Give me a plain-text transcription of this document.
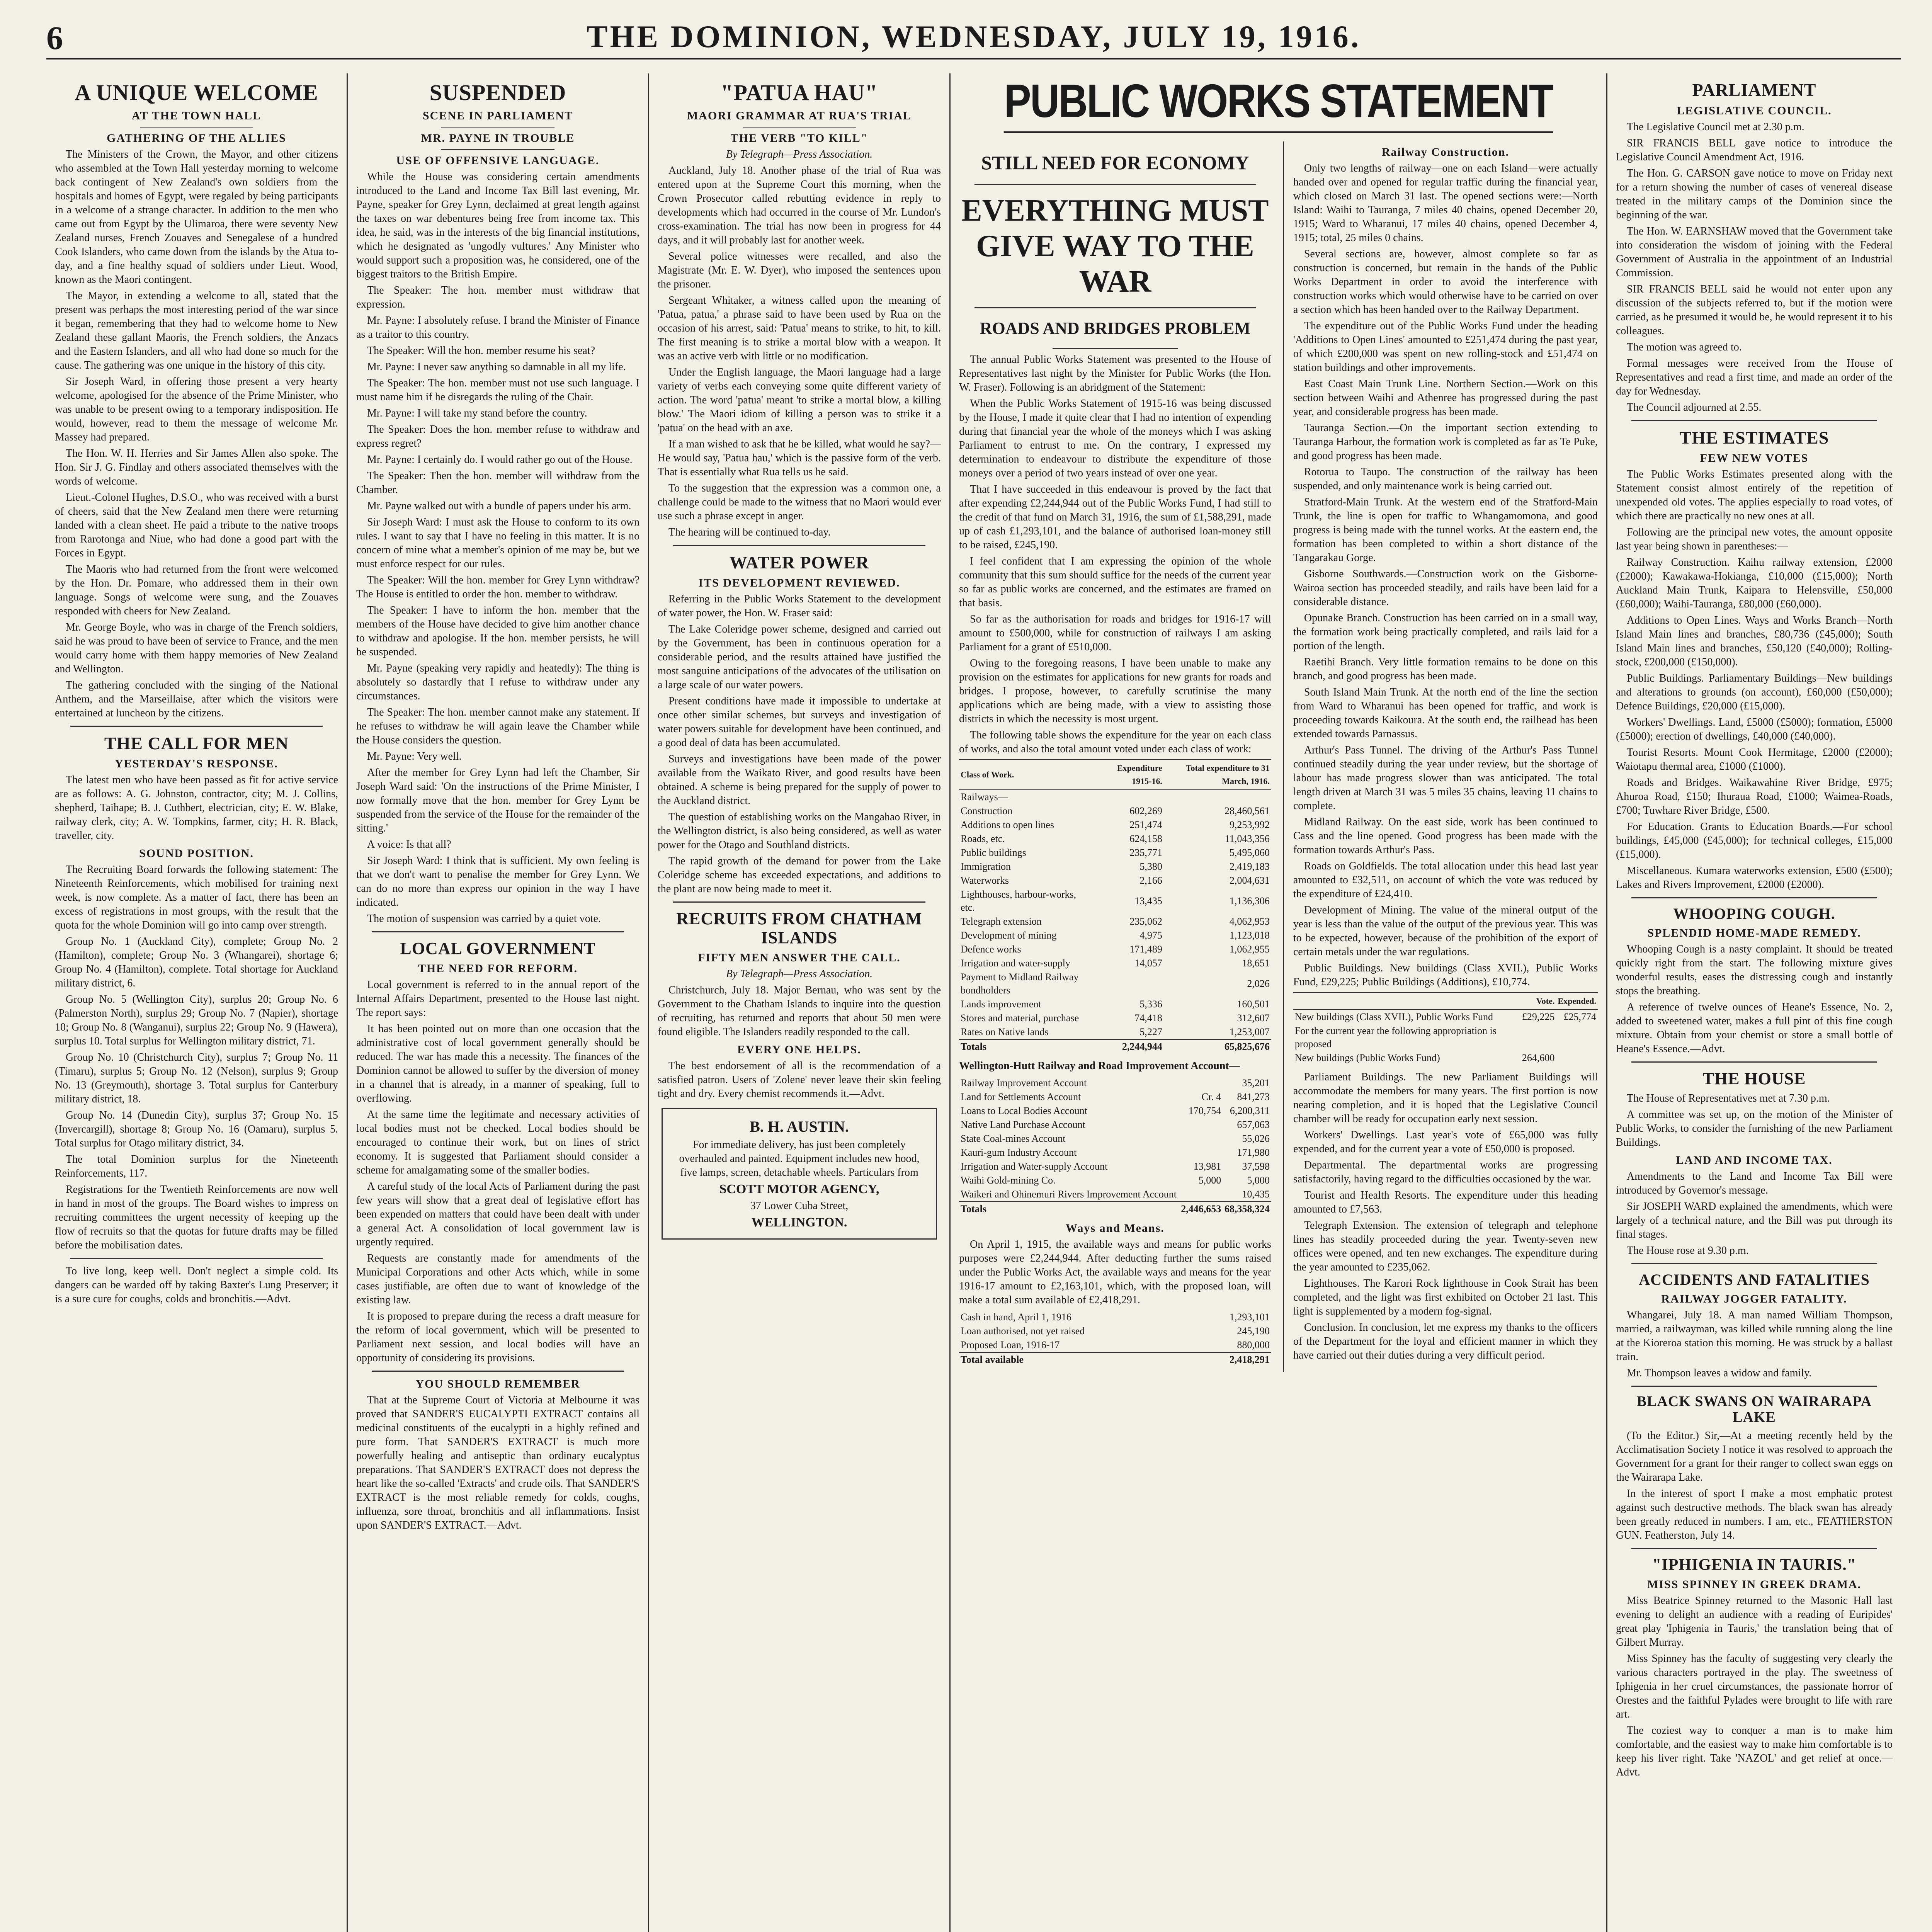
6	THE DOMINION, WEDNESDAY, JULY 19, 1916.
A UNIQUE WELCOME
AT THE TOWN HALL
GATHERING OF THE ALLIES

The Ministers of the Crown, the Mayor, and other citizens who assembled at the Town Hall yesterday morning to welcome back contingent of New Zealand's own soldiers from the hospitals and homes of Egypt, were regaled by being participants in a welcome of a strange character. In addition to the men who came out from Egypt by the Ulimaroa, there were seventy New Zealand nurses, French Zouaves and Senegalese of a hundred Cook Islanders, who came down from the islands by the Atua to-day, and a fine healthy squad of soldiers under Lieut. Wood, known as the Maori contingent.

The Mayor, in extending a welcome to all, stated that the present was perhaps the most interesting period of the war since it began, remembering that they had to welcome home to New Zealand these gallant Maoris, the French soldiers, the Anzacs and the Eastern Islanders, and all who had done so much for the cause. The gathering was one unique in the history of this city.

Sir Joseph Ward, in offering those present a very hearty welcome, apologised for the absence of the Prime Minister, who was unable to be present owing to a temporary indisposition. He would, however, read to them the message of welcome Mr. Massey had prepared.

The Hon. W. H. Herries and Sir James Allen also spoke. The Hon. Sir J. G. Findlay and others associated themselves with the words of welcome.

Lieut.-Colonel Hughes, D.S.O., who was received with a burst of cheers, said that the New Zealand men there were returning landed with a clean sheet. He paid a tribute to the native troops from Rarotonga and Niue, who had done a good part with the Forces in Egypt.

The Maoris who had returned from the front were welcomed by the Hon. Dr. Pomare, who addressed them in their own language. Songs of welcome were sung, and the Zouaves responded with cheers for New Zealand.

Mr. George Boyle, who was in charge of the French soldiers, said he was proud to have been of service to France, and the men would carry home with them happy memories of New Zealand and Wellington.

The gathering concluded with the singing of the National Anthem, and the Marseillaise, after which the visitors were entertained at luncheon by the citizens.

THE CALL FOR MEN
YESTERDAY'S RESPONSE.

The latest men who have been passed as fit for active service are as follows: A. G. Johnston, contractor, city; M. J. Collins, shepherd, Taihape; B. J. Cuthbert, electrician, city; E. W. Blake, railway clerk, city; A. W. Tompkins, farmer, city; H. R. Black, traveller, city.

SOUND POSITION.

The Recruiting Board forwards the following statement: The Nineteenth Reinforcements, which mobilised for training next week, is now complete. As a matter of fact, there has been an excess of registrations in most groups, with the result that the quota for the whole Dominion will go into camp over strength.

Group No. 1 (Auckland City), complete; Group No. 2 (Hamilton), complete; Group No. 3 (Whangarei), shortage 6; Group No. 4 (Hamilton), complete. Total shortage for Auckland military district, 6.

Group No. 5 (Wellington City), surplus 20; Group No. 6 (Palmerston North), surplus 29; Group No. 7 (Napier), shortage 10; Group No. 8 (Wanganui), surplus 22; Group No. 9 (Hawera), surplus 10. Total surplus for Wellington military district, 71.

Group No. 10 (Christchurch City), surplus 7; Group No. 11 (Timaru), surplus 5; Group No. 12 (Nelson), surplus 9; Group No. 13 (Greymouth), shortage 3. Total surplus for Canterbury military district, 18.

Group No. 14 (Dunedin City), surplus 37; Group No. 15 (Invercargill), shortage 8; Group No. 16 (Oamaru), surplus 5. Total surplus for Otago military district, 34.

The total Dominion surplus for the Nineteenth Reinforcements, 117.

Registrations for the Twentieth Reinforcements are now well in hand in most of the groups. The Board wishes to impress on recruiting committees the urgent necessity of keeping up the flow of recruits so that the quotas for future drafts may be filled before the mobilisation dates.

To live long, keep well. Don't neglect a simple cold. Its dangers can be warded off by taking Baxter's Lung Preserver; it is a sure cure for coughs, colds and bronchitis.—Advt.

SUSPENDED
SCENE IN PARLIAMENT
MR. PAYNE IN TROUBLE
USE OF OFFENSIVE LANGUAGE.

While the House was considering certain amendments introduced to the Land and Income Tax Bill last evening, Mr. Payne, speaker for Grey Lynn, declaimed at great length against the taxes on war debentures being free from income tax. This idea, he said, was in the interests of the big financial institutions, which he designated as 'ungodly vultures.' Any Minister who would support such a proposition was, he considered, one of the biggest traitors to the British Empire.

The Speaker: The hon. member must withdraw that expression.

Mr. Payne: I absolutely refuse. I brand the Minister of Finance as a traitor to this country.

The Speaker: Will the hon. member resume his seat?

Mr. Payne: I never saw anything so damnable in all my life.

The Speaker: The hon. member must not use such language. I must name him if he disregards the ruling of the Chair.

Mr. Payne: I will take my stand before the country.

The Speaker: Does the hon. member refuse to withdraw and express regret?

Mr. Payne: I certainly do. I would rather go out of the House.

The Speaker: Then the hon. member will withdraw from the Chamber.

Mr. Payne walked out with a bundle of papers under his arm.

Sir Joseph Ward: I must ask the House to conform to its own rules. I want to say that I have no feeling in this matter. It is no concern of mine what a member's opinion of me may be, but we must enforce respect for our rules.

The Speaker: Will the hon. member for Grey Lynn withdraw? The House is entitled to order the hon. member to withdraw.

The Speaker: I have to inform the hon. member that the members of the House have decided to give him another chance to withdraw and apologise. If the hon. member persists, he will be suspended.

Mr. Payne (speaking very rapidly and heatedly): The thing is absolutely so dastardly that I refuse to withdraw under any circumstances.

The Speaker: The hon. member cannot make any statement. If he refuses to withdraw he will again leave the Chamber while the House considers the question.

Mr. Payne: Very well.

After the member for Grey Lynn had left the Chamber, Sir Joseph Ward said: 'On the instructions of the Prime Minister, I now formally move that the hon. member for Grey Lynn be suspended from the service of the House for the remainder of the sitting.'

A voice: Is that all?

Sir Joseph Ward: I think that is sufficient. My own feeling is that we don't want to penalise the member for Grey Lynn. We can do no more than express our opinion in the way I have indicated.

The motion of suspension was carried by a quiet vote.

LOCAL GOVERNMENT
THE NEED FOR REFORM.

Local government is referred to in the annual report of the Internal Affairs Department, presented to the House last night. The report says:

It has been pointed out on more than one occasion that the administrative cost of local government generally should be reduced. The war has made this a necessity. The finances of the Dominion cannot be allowed to suffer by the diversion of money in a channel that is already, in a manner of speaking, full to overflowing.

At the same time the legitimate and necessary activities of local bodies must not be checked. Local bodies should be encouraged to continue their work, but on lines of strict economy. It is suggested that Parliament should consider a scheme for amalgamating some of the smaller bodies.

A careful study of the local Acts of Parliament during the past few years will show that a great deal of legislative effort has been expended on matters that could have been dealt with under a general Act. A consolidation of local government law is urgently required.

Requests are constantly made for amendments of the Municipal Corporations and other Acts which, while in some cases justifiable, are often due to want of knowledge of the existing law.

It is proposed to prepare during the recess a draft measure for the reform of local government, which will be presented to Parliament next session, and local bodies will have an opportunity of considering its provisions.

YOU SHOULD REMEMBER

That at the Supreme Court of Victoria at Melbourne it was proved that SANDER'S EUCALYPTI EXTRACT contains all medicinal constituents of the eucalypti in a highly refined and pure form. That SANDER'S EXTRACT is much more powerfully healing and antiseptic than ordinary eucalyptus preparations. That SANDER'S EXTRACT does not depress the heart like the so-called 'Extracts' and crude oils. That SANDER'S EXTRACT is the most reliable remedy for colds, coughs, influenza, sore throat, bronchitis and all inflammations. Insist upon SANDER'S EXTRACT.—Advt.

"PATUA HAU"
MAORI GRAMMAR AT RUA'S TRIAL
THE VERB "TO KILL"

By Telegraph—Press Association.

Auckland, July 18. Another phase of the trial of Rua was entered upon at the Supreme Court this morning, when the Crown Prosecutor called rebutting evidence in reply to developments which had occurred in the course of Mr. Lundon's cross-examination. The trial has now been in progress for 44 days, and it will probably last for another week.

Several police witnesses were recalled, and also the Magistrate (Mr. E. W. Dyer), who imposed the sentences upon the prisoner.

Sergeant Whitaker, a witness called upon the meaning of 'Patua, patua,' a phrase said to have been used by Rua on the occasion of his arrest, said: 'Patua' means to strike, to hit, to kill. The first meaning is to strike a mortal blow with a weapon. It was an active verb with little or no modification.

Under the English language, the Maori language had a large variety of verbs each conveying some quite different variety of action. The word 'patua' meant 'to strike a mortal blow, a killing blow.' The Maori idiom of killing a person was to strike it a 'patua' on the head with an axe.

If a man wished to ask that he be killed, what would he say?—He would say, 'Patua hau,' which is the passive form of the verb. That is essentially what Rua tells us he said.

To the suggestion that the expression was a common one, a challenge could be made to the witness that no Maori would ever use such a phrase except in anger.

The hearing will be continued to-day.

WATER POWER
ITS DEVELOPMENT REVIEWED.

Referring in the Public Works Statement to the development of water power, the Hon. W. Fraser said:

The Lake Coleridge power scheme, designed and carried out by the Government, has been in continuous operation for a considerable period, and the results attained have justified the most sanguine anticipations of the advocates of the utilisation on a large scale of our water powers.

Present conditions have made it impossible to undertake at once other similar schemes, but surveys and investigation of water powers suitable for development have been continued, and a good deal of data has been accumulated.

Surveys and investigations have been made of the power available from the Waikato River, and good results have been obtained. A scheme is being prepared for the supply of power to the Auckland district.

The question of establishing works on the Mangahao River, in the Wellington district, is also being considered, as well as water power for the Otago and Southland districts.

The rapid growth of the demand for power from the Lake Coleridge scheme has exceeded expectations, and additions to the plant are now being made to meet it.

RECRUITS FROM CHATHAM ISLANDS
FIFTY MEN ANSWER THE CALL.

By Telegraph—Press Association.

Christchurch, July 18. Major Bernau, who was sent by the Government to the Chatham Islands to inquire into the question of recruiting, has returned and reports that about 50 men were found eligible. The Islanders readily responded to the call.

EVERY ONE HELPS.

The best endorsement of all is the recommendation of a satisfied patron. Users of 'Zolene' never leave their skin feeling tight and dry. Every chemist recommends it.—Advt.

B. H. AUSTIN.
For immediate delivery, has just been completely overhauled and painted. Equipment includes new hood, five lamps, screen, detachable wheels. Particulars from
SCOTT MOTOR AGENCY,
37 Lower Cuba Street,
WELLINGTON.
PUBLIC WORKS STATEMENT
STILL NEED FOR ECONOMY
EVERYTHING MUST GIVE WAY TO THE WAR
ROADS AND BRIDGES PROBLEM

The annual Public Works Statement was presented to the House of Representatives last night by the Minister for Public Works (the Hon. W. Fraser). Following is an abridgment of the Statement:

When the Public Works Statement of 1915-16 was being discussed by the House, I made it quite clear that I had no intention of expending during that financial year the whole of the moneys which I was asking Parliament to entrust to me. On the contrary, I expressed my determination to endeavour to distribute the expenditure of those moneys over a period of two years instead of over one year.

That I have succeeded in this endeavour is proved by the fact that after expending £2,244,944 out of the Public Works Fund, I had still to the credit of that fund on March 31, 1916, the sum of £1,588,291, made up of cash £1,293,101, and the balance of authorised loan-money still to be raised, £245,190.

I feel confident that I am expressing the opinion of the whole community that this sum should suffice for the needs of the current year so far as public works are concerned, and the estimates are framed on that basis.

So far as the authorisation for roads and bridges for 1916-17 will amount to £500,000, while for construction of railways I am asking Parliament for a grant of £510,000.

Owing to the foregoing reasons, I have been unable to make any provision on the estimates for applications for new grants for roads and bridges. I propose, however, to carefully scrutinise the many applications which are being made, with a view to assisting those districts in which the necessity is most urgent.

The following table shows the expenditure for the year on each class of works, and also the total amount voted under each class of work:

Class of Work.	Expenditure 1915-16.	Total expenditure to 31 March, 1916.
Railways—		
Construction	602,269	28,460,561
Additions to open lines	251,474	9,253,992
Roads, etc.	624,158	11,043,356
Public buildings	235,771	5,495,060
Immigration	5,380	2,419,183
Waterworks	2,166	2,004,631
Lighthouses, harbour-works, etc.	13,435	1,136,306
Telegraph extension	235,062	4,062,953
Development of mining	4,975	1,123,018
Defence works	171,489	1,062,955
Irrigation and water-supply	14,057	18,651
Payment to Midland Railway bondholders		2,026
Lands improvement	5,336	160,501
Stores and material, purchase	74,418	312,607
Rates on Native lands	5,227	1,253,007
Totals	2,244,944	65,825,676

Wellington-Hutt Railway and Road Improvement Account—

Railway Improvement Account		35,201
Land for Settlements Account	Cr. 4	841,273
Loans to Local Bodies Account	170,754	6,200,311
Native Land Purchase Account		657,063
State Coal-mines Account		55,026
Kauri-gum Industry Account		171,980
Irrigation and Water-supply Account	13,981	37,598
Waihi Gold-mining Co.	5,000	5,000
Waikeri and Ohinemuri Rivers Improvement Account		10,435
Totals	2,446,653	68,358,324
Ways and Means.

On April 1, 1915, the available ways and means for public works purposes were £2,244,944. After deducting further the sums raised under the Public Works Act, the available ways and means for the year 1916-17 amount to £2,163,101, which, with the proposed loan, will make a total sum available of £2,418,291.

Cash in hand, April 1, 1916		1,293,101
Loan authorised, not yet raised		245,190
Proposed Loan, 1916-17		880,000
Total available		2,418,291
Railway Construction.

Only two lengths of railway—one on each Island—were actually handed over and opened for regular traffic during the financial year, which closed on March 31 last. The opened sections were:—North Island: Waihi to Tauranga, 7 miles 40 chains, opened December 20, 1915; Ward to Wharanui, 17 miles 40 chains, opened December 4, 1915; total, 25 miles 0 chains.

Several sections are, however, almost complete so far as construction is concerned, but remain in the hands of the Public Works Department in order to avoid the interference with construction works which would otherwise have to be carried on over a section which has been handed over to the Railway Department.

The expenditure out of the Public Works Fund under the heading 'Additions to Open Lines' amounted to £251,474 during the past year, of which £200,000 was spent on new rolling-stock and £51,474 on station buildings and other improvements.

East Coast Main Trunk Line. Northern Section.—Work on this section between Waihi and Athenree has progressed during the past year, and considerable progress has been made.

Tauranga Section.—On the important section extending to Tauranga Harbour, the formation work is completed as far as Te Puke, and good progress has been made.

Rotorua to Taupo. The construction of the railway has been suspended, and only maintenance work is being carried out.

Stratford-Main Trunk. At the western end of the Stratford-Main Trunk, the line is open for traffic to Whangamomona, and good progress is being made with the tunnel works. At the eastern end, the formation has been completed to within a short distance of the Tangarakau Gorge.

Gisborne Southwards.—Construction work on the Gisborne-Wairoa section has proceeded steadily, and rails have been laid for a considerable distance.

Opunake Branch. Construction has been carried on in a small way, the formation work being practically completed, and rails laid for a portion of the length.

Raetihi Branch. Very little formation remains to be done on this branch, and good progress has been made.

South Island Main Trunk. At the north end of the line the section from Ward to Wharanui has been opened for traffic, and work is proceeding towards Kaikoura. At the south end, the railhead has been extended towards Parnassus.

Arthur's Pass Tunnel. The driving of the Arthur's Pass Tunnel continued steadily during the year under review, but the shortage of labour has made progress slower than was anticipated. The total length driven at March 31 was 5 miles 35 chains, leaving 11 chains to complete.

Midland Railway. On the east side, work has been continued to Cass and the line opened. Good progress has been made with the formation towards Arthur's Pass.

Roads on Goldfields. The total allocation under this head last year amounted to £32,511, on account of which the vote was reduced by the expenditure of £24,410.

Development of Mining. The value of the mineral output of the year is less than the value of the output of the previous year. This was to be expected, however, because of the prohibition of the export of certain metals under the war regulations.

Public Buildings. New buildings (Class XVII.), Public Works Fund, £29,225; Public Buildings (Additions), £10,774.

	Vote.	Expended.
New buildings (Class XVII.), Public Works Fund	£29,225	£25,774
For the current year the following appropriation is proposed		
New buildings (Public Works Fund)	264,600	

Parliament Buildings. The new Parliament Buildings will accommodate the members for many years. The first portion is now nearing completion, and it is hoped that the Legislative Council chamber will be ready for occupation early next session.

Workers' Dwellings. Last year's vote of £65,000 was fully expended, and for the current year a vote of £50,000 is proposed.

Departmental. The departmental works are progressing satisfactorily, having regard to the difficulties occasioned by the war.

Tourist and Health Resorts. The expenditure under this heading amounted to £7,563.

Telegraph Extension. The extension of telegraph and telephone lines has steadily proceeded during the year. Twenty-seven new offices were opened, and ten new exchanges. The expenditure during the year amounted to £235,062.

Lighthouses. The Karori Rock lighthouse in Cook Strait has been completed, and the light was first exhibited on October 21 last. This light is supplemented by a modern fog-signal.

Conclusion. In conclusion, let me express my thanks to the officers of the Department for the loyal and efficient manner in which they have carried out their duties during a very difficult period.

PARLIAMENT
LEGISLATIVE COUNCIL.

The Legislative Council met at 2.30 p.m.

SIR FRANCIS BELL gave notice to introduce the Legislative Council Amendment Act, 1916.

The Hon. G. CARSON gave notice to move on Friday next for a return showing the number of cases of venereal disease treated in the military camps of the Dominion since the beginning of the war.

The Hon. W. EARNSHAW moved that the Government take into consideration the wisdom of joining with the Federal Government of Australia in the appointment of an Industrial Commission.

SIR FRANCIS BELL said he would not enter upon any discussion of the subjects referred to, but if the motion were carried, as he presumed it would be, he would represent it to his colleagues.

The motion was agreed to.

Formal messages were received from the House of Representatives and read a first time, and made an order of the day for Wednesday.

The Council adjourned at 2.55.

THE ESTIMATES
FEW NEW VOTES

The Public Works Estimates presented along with the Statement consist almost entirely of the repetition of unexpended old votes. The applies especially to road votes, of which there are practically no new ones at all.

Following are the principal new votes, the amount opposite last year being shown in parentheses:—

Railway Construction. Kaihu railway extension, £2000 (£2000); Kawakawa-Hokianga, £10,000 (£15,000); North Auckland Main Trunk, Kaipara to Helensville, £50,000 (£60,000); Waihi-Tauranga, £80,000 (£60,000).

Additions to Open Lines. Ways and Works Branch—North Island Main lines and branches, £80,736 (£45,000); South Island Main lines and branches, £50,120 (£40,000); Rolling-stock, £200,000 (£150,000).

Public Buildings. Parliamentary Buildings—New buildings and alterations to grounds (on account), £60,000 (£50,000); Defence Buildings, £20,000 (£15,000).

Workers' Dwellings. Land, £5000 (£5000); formation, £5000 (£5000); erection of dwellings, £40,000 (£40,000).

Tourist Resorts. Mount Cook Hermitage, £2000 (£2000); Waiotapu thermal area, £1000 (£1000).

Roads and Bridges. Waikawahine River Bridge, £975; Ahuroa Road, £150; Ihuraua Road, £1000; Waimea-Roads, £700; Tuwhare River Bridge, £500.

For Education. Grants to Education Boards.—For school buildings, £45,000 (£45,000); for technical colleges, £15,000 (£15,000).

Miscellaneous. Kumara waterworks extension, £500 (£500); Lakes and Rivers Improvement, £2000 (£2000).

WHOOPING COUGH.
SPLENDID HOME-MADE REMEDY.

Whooping Cough is a nasty complaint. It should be treated quickly right from the start. The following mixture gives wonderful results, eases the distressing cough and instantly stops the breathing.

A reference of twelve ounces of Heane's Essence, No. 2, added to sweetened water, makes a full pint of this fine cough mixture. Obtain from your chemist or store a small bottle of Heane's Essence.—Advt.

THE HOUSE

The House of Representatives met at 7.30 p.m.

A committee was set up, on the motion of the Minister of Public Works, to consider the furnishing of the new Parliament Buildings.

LAND AND INCOME TAX.

Amendments to the Land and Income Tax Bill were introduced by Governor's message.

Sir JOSEPH WARD explained the amendments, which were largely of a technical nature, and the Bill was put through its final stages.

The House rose at 9.30 p.m.

ACCIDENTS AND FATALITIES
RAILWAY JOGGER FATALITY.

Whangarei, July 18. A man named William Thompson, married, a railwayman, was killed while running along the line at the Kioreroa station this morning. He was struck by a ballast train.

Mr. Thompson leaves a widow and family.

BLACK SWANS ON WAIRARAPA LAKE

(To the Editor.) Sir,—At a meeting recently held by the Acclimatisation Society I notice it was resolved to approach the Government for a grant for their ranger to collect swan eggs on the Wairarapa Lake.

In the interest of sport I make a most emphatic protest against such destructive methods. The black swan has already been greatly reduced in numbers. I am, etc., FEATHERSTON GUN. Featherston, July 14.

"IPHIGENIA IN TAURIS."
MISS SPINNEY IN GREEK DRAMA.

Miss Beatrice Spinney returned to the Masonic Hall last evening to delight an audience with a reading of Euripides' great play 'Iphigenia in Tauris,' the translation being that of Gilbert Murray.

Miss Spinney has the faculty of suggesting very clearly the various characters portrayed in the play. The sweetness of Iphigenia in her cruel circumstances, the passionate horror of Orestes and the faithful Pylades were brought to life with rare art.

The coziest way to conquer a man is to make him comfortable, and the easiest way to make him comfortable is to keep his liver right. Take 'NAZOL' and get relief at once.—Advt.
